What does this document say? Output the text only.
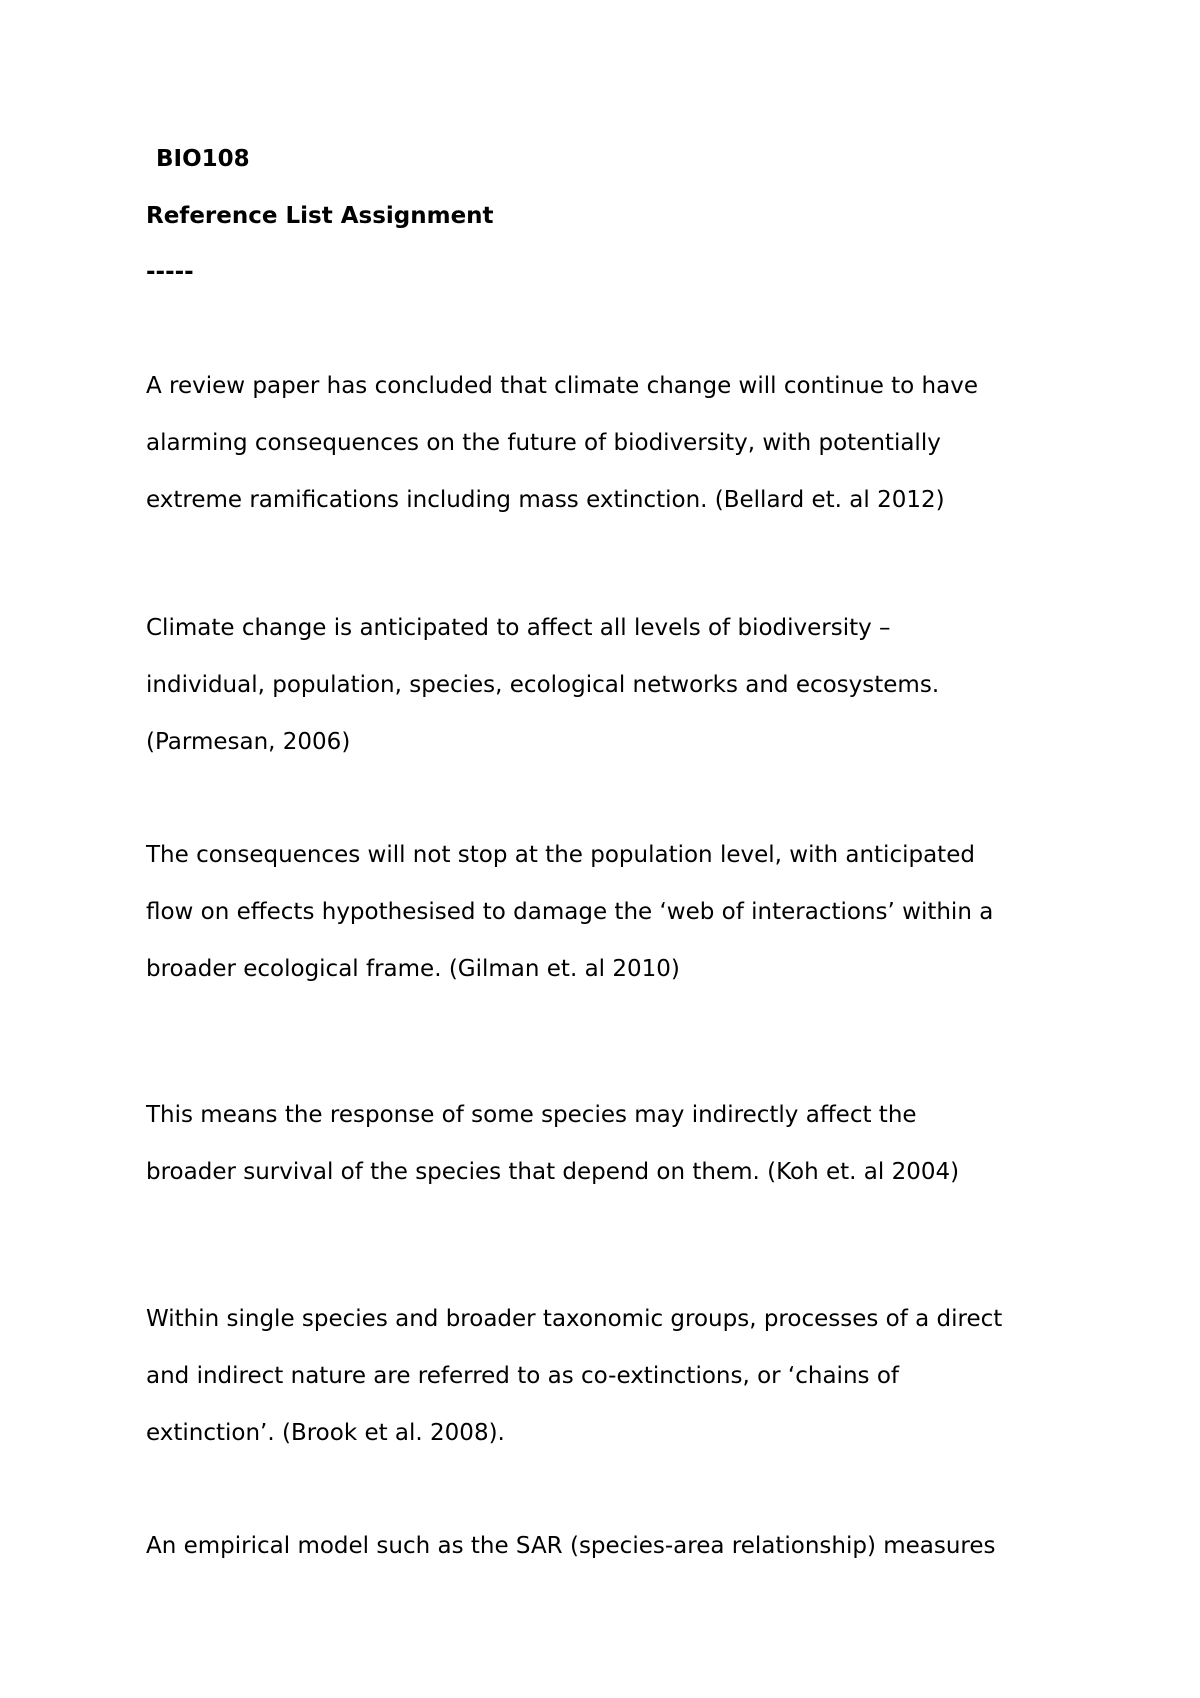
BIO108
Reference List Assignment
-----
A review paper has concluded that climate change will continue to have
alarming consequences on the future of biodiversity, with potentially
extreme ramifications including mass extinction. (Bellard et. al 2012)
Climate change is anticipated to affect all levels of biodiversity –
individual, population, species, ecological networks and ecosystems.
(Parmesan, 2006)
The consequences will not stop at the population level, with anticipated
flow on effects hypothesised to damage the ‘web of interactions’ within a
broader ecological frame. (Gilman et. al 2010)
This means the response of some species may indirectly affect the
broader survival of the species that depend on them. (Koh et. al 2004)
Within single species and broader taxonomic groups, processes of a direct
and indirect nature are referred to as co-extinctions, or ‘chains of
extinction’. (Brook et al. 2008).
An empirical model such as the SAR (species-area relationship) measures
